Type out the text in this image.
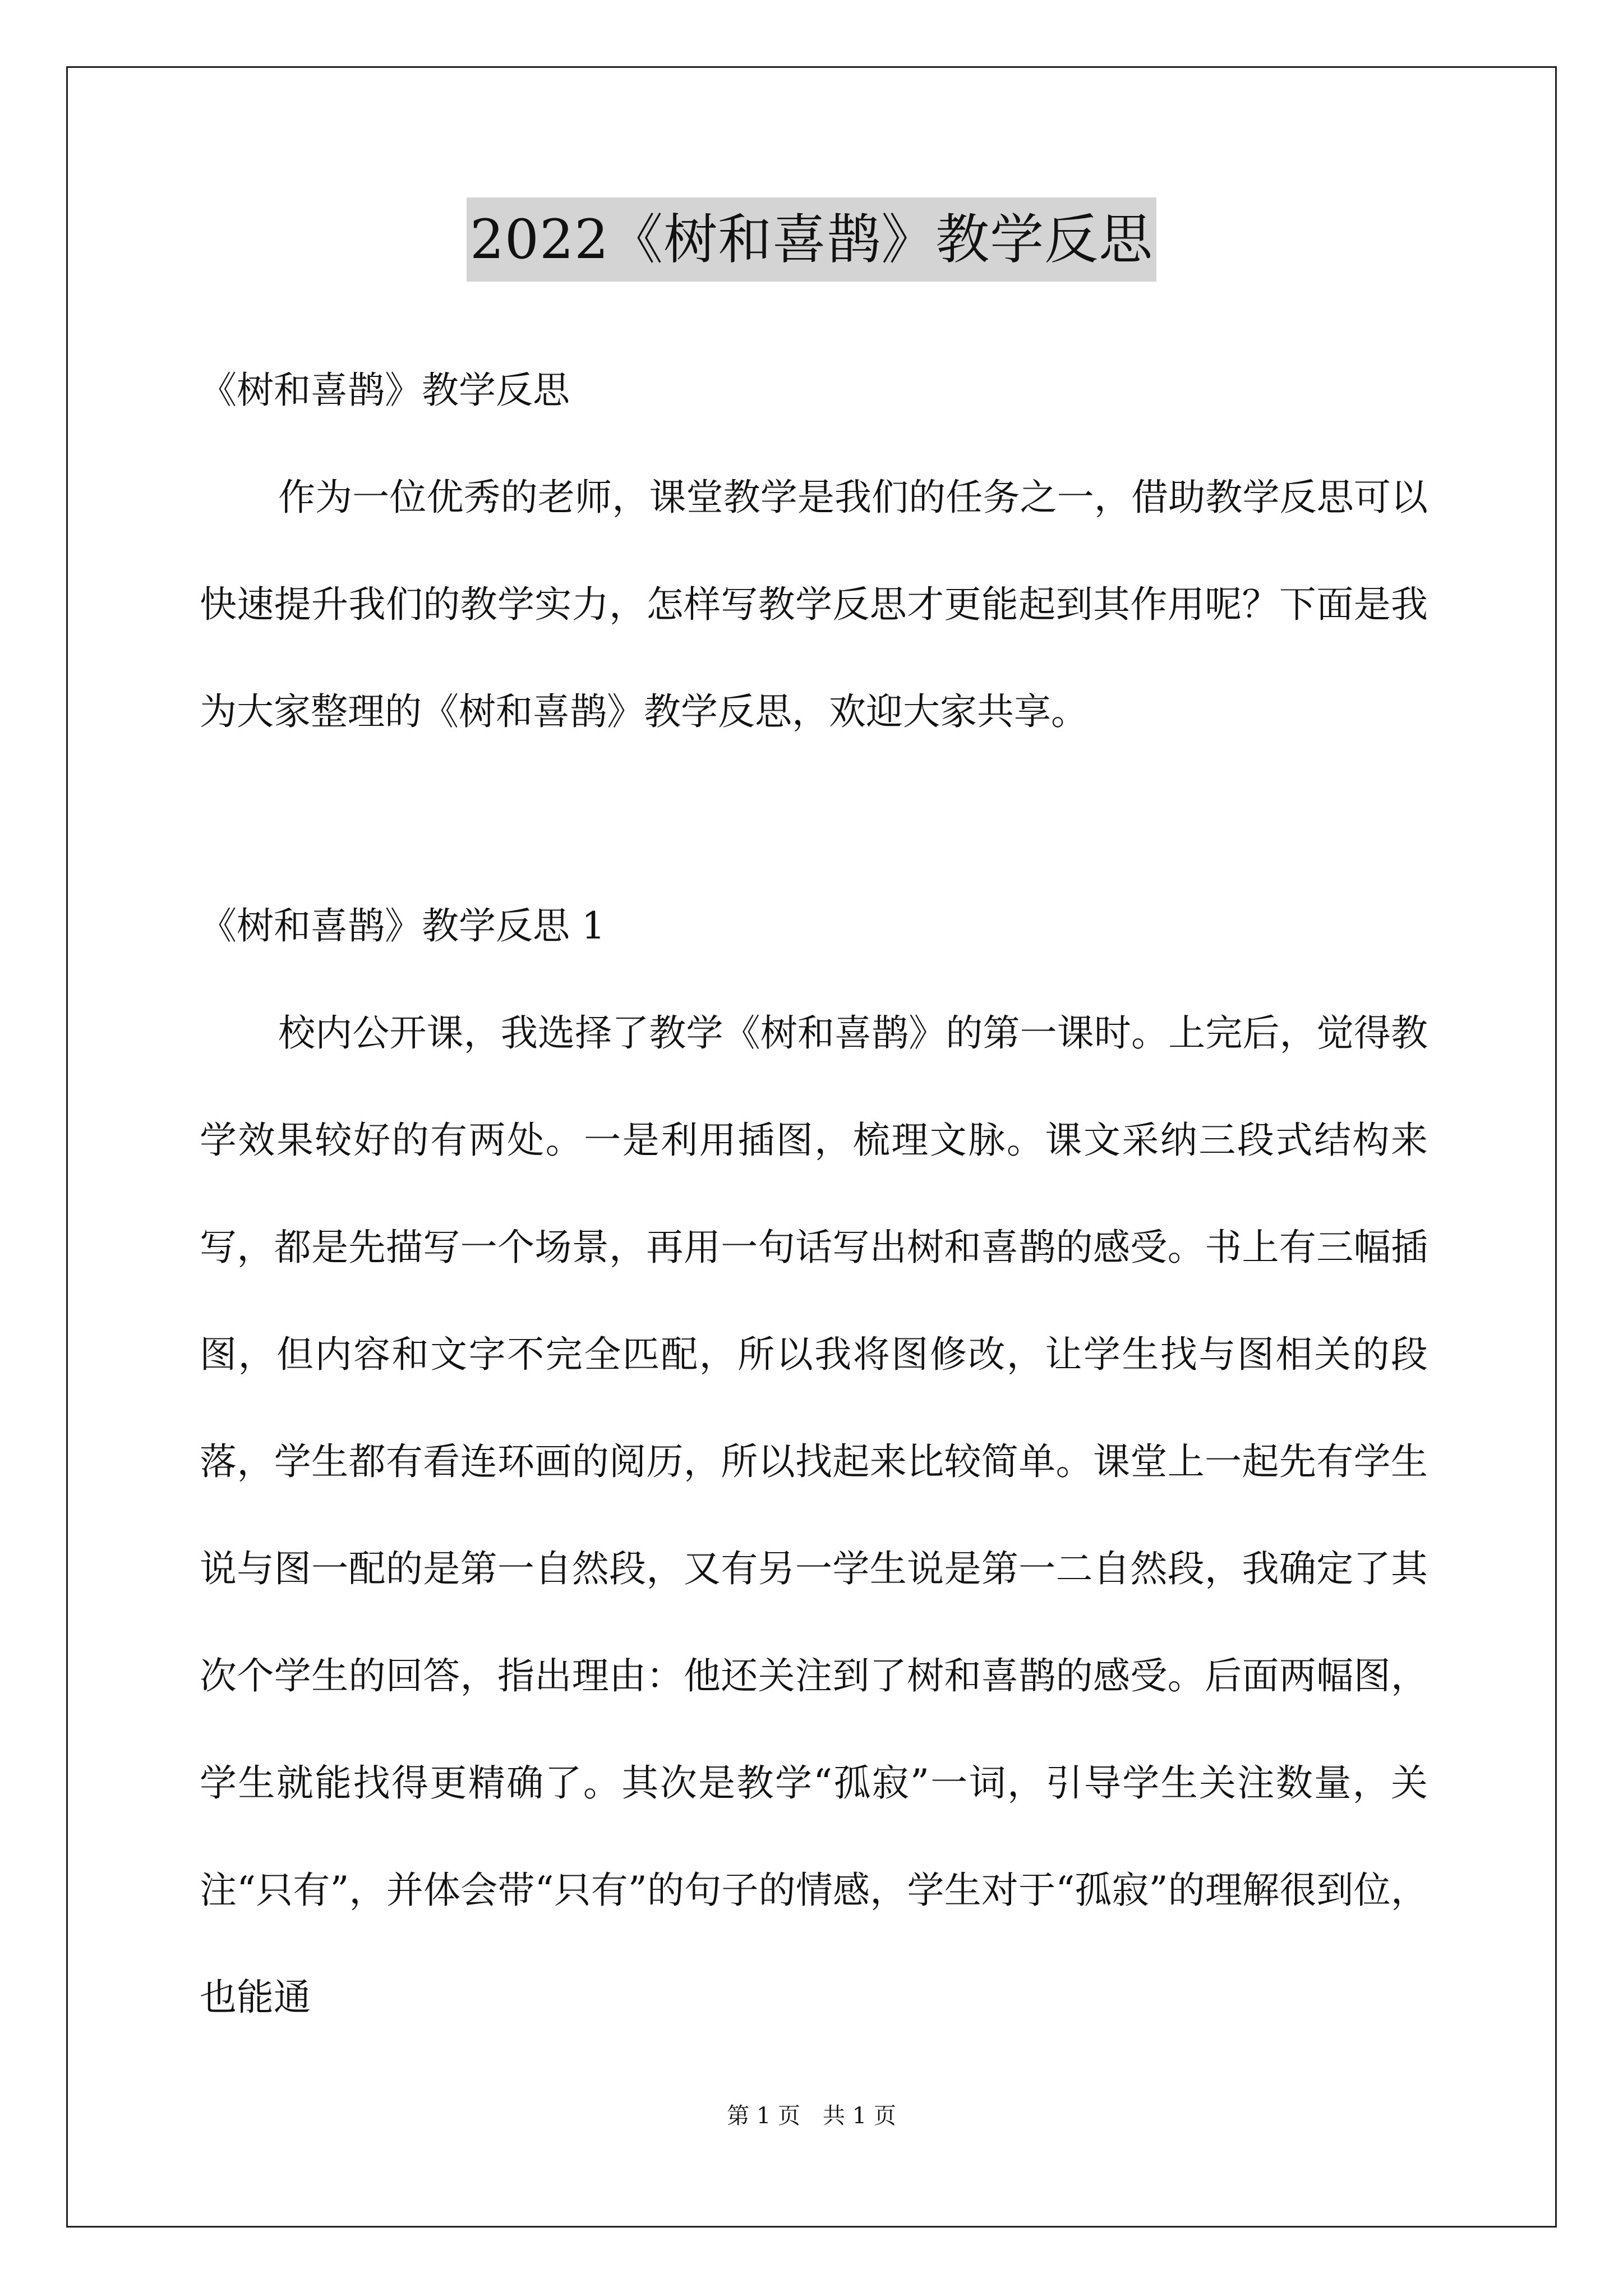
2022《树和喜鹊》教学反思
《树和喜鹊》教学反思

作为一位优秀的老师，课堂教学是我们的任务之一，借助教学反思可以快速提升我们的教学实力，怎样写教学反思才更能起到其作用呢？下面是我为大家整理的《树和喜鹊》教学反思，欢迎大家共享。

《树和喜鹊》教学反思 1

校内公开课，我选择了教学《树和喜鹊》的第一课时。上完后，觉得教学效果较好的有两处。一是利用插图，梳理文脉。课文采纳三段式结构来写，都是先描写一个场景，再用一句话写出树和喜鹊的感受。书上有三幅插图，但内容和文字不完全匹配，所以我将图修改，让学生找与图相关的段落，学生都有看连环画的阅历，所以找起来比较简单。课堂上一起先有学生说与图一配的是第一自然段，又有另一学生说是第一二自然段，我确定了其次个学生的回答，指出理由：他还关注到了树和喜鹊的感受。后面两幅图，学生就能找得更精确了。其次是教学“孤寂”一词，引导学生关注数量，关注“只有”，并体会带“只有”的句子的情感，学生对于“孤寂”的理解很到位，也能通

第 1 页　共 1 页
